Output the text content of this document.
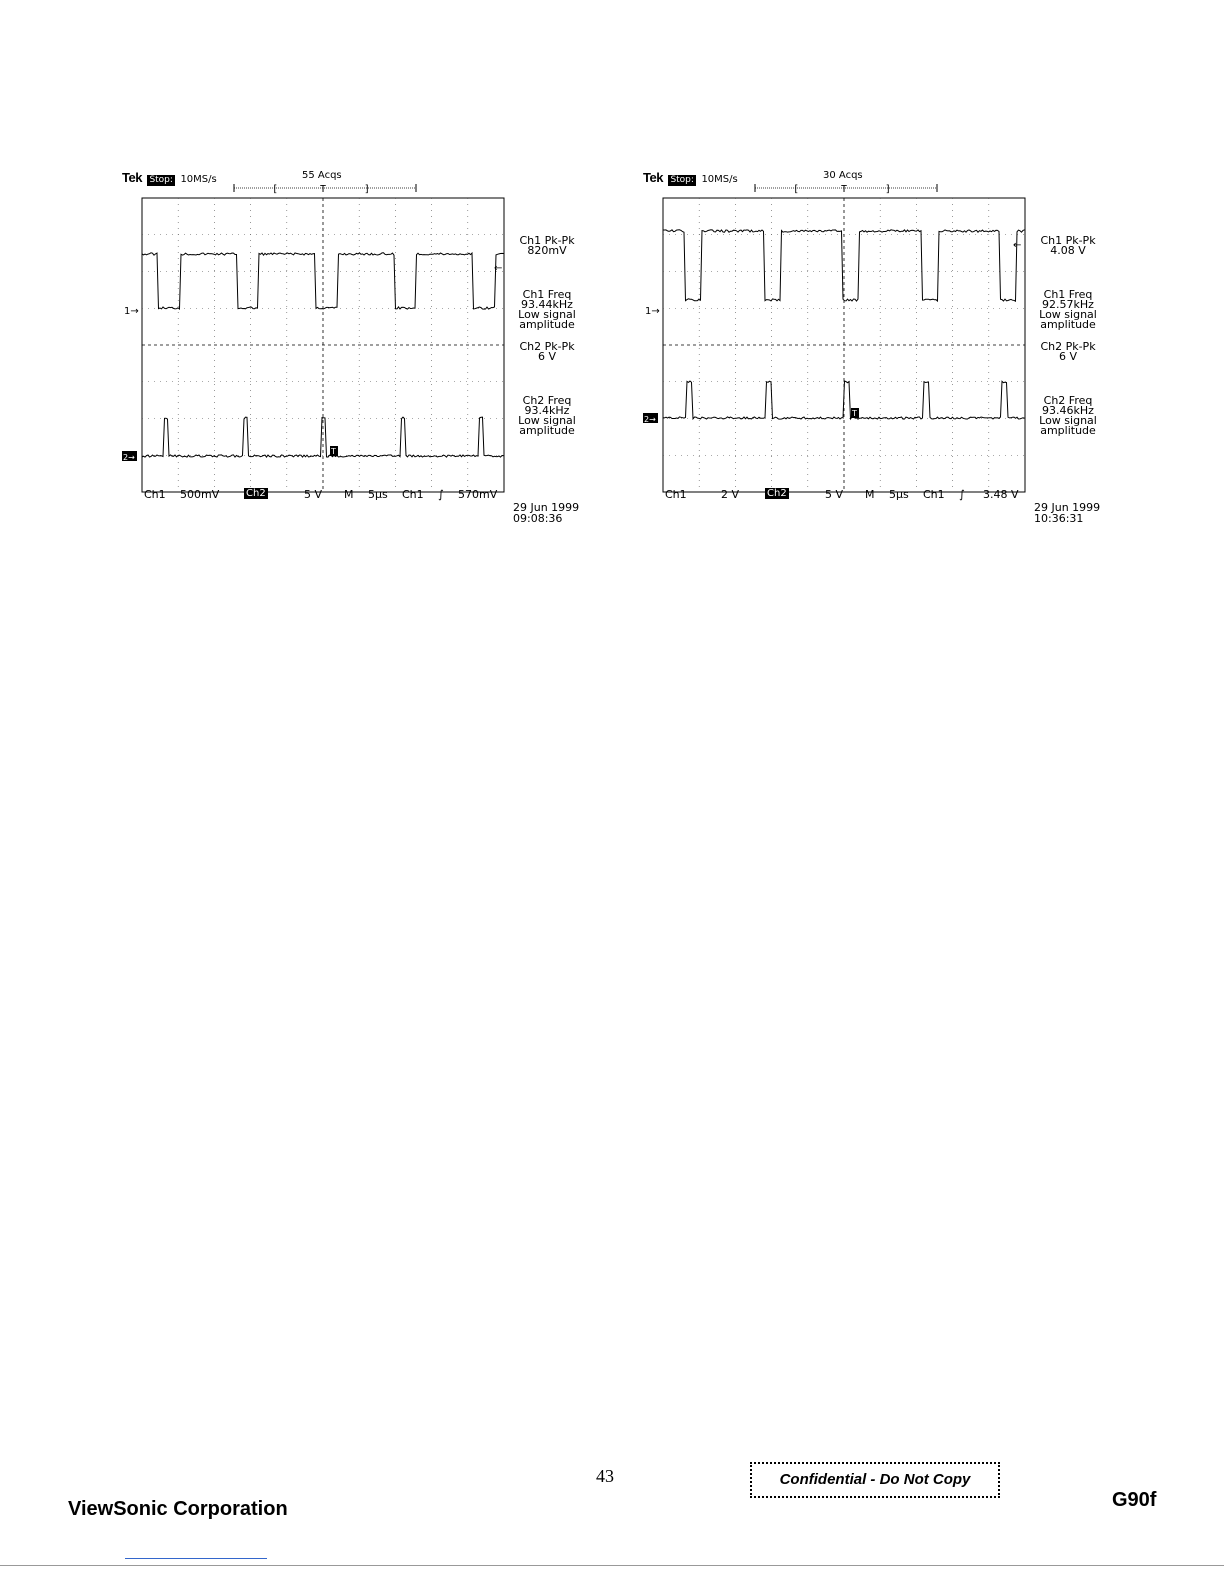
Tek Stop: 10MS/s	55 Acqs
[	]
T
1→
2→
T
←
Ch1 500mV	Ch2	5 V M 5µs Ch1 ∫ 570mV
Ch1 Pk-Pk
820mV
Ch1 Freq
93.44kHz
Low signal
amplitude
Ch2 Pk-Pk
6 V
Ch2 Freq
93.4kHz
Low signal
amplitude
29 Jun 1999
09:08:36
Tek Stop: 10MS/s	30 Acqs
[	]
T
1→
2→
T
←
Ch1	2 V	Ch2	5 V M 5µs Ch1 ∫ 3.48 V
Ch1 Pk-Pk
4.08 V
Ch1 Freq
92.57kHz
Low signal
amplitude
Ch2 Pk-Pk
6 V
Ch2 Freq
93.46kHz
Low signal
amplitude
29 Jun 1999
10:36:31
43	Confidential - Do Not Copy
ViewSonic Corporation	G90f
